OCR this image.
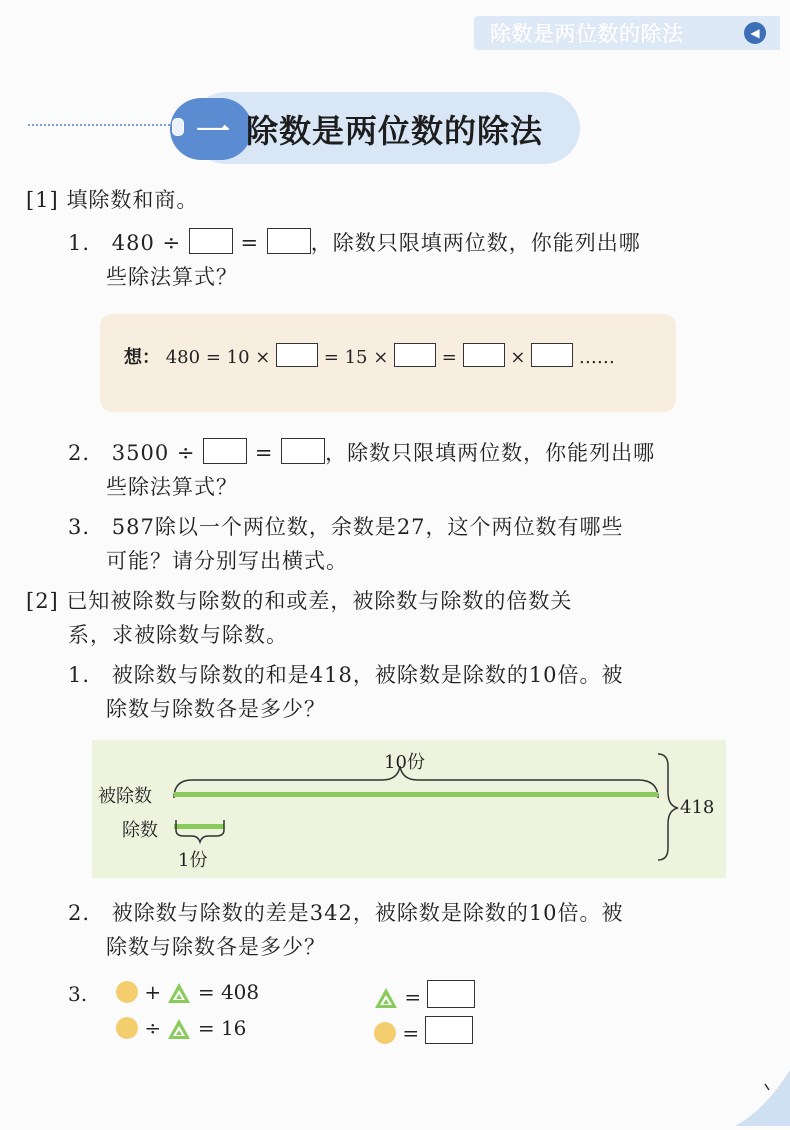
除数是两位数的除法	◀
一 除数是两位数的除法
[1] 填除数和商。
1. 480 ÷	= ，除数只限填两位数，你能列出哪
些除法算式？
想： 480 = 10 ×	= 15 ×	=	×	……
2. 3500 ÷	= ，除数只限填两位数，你能列出哪
些除法算式？
3. 587除以一个两位数，余数是27，这个两位数有哪些
可能？请分别写出横式。
[2] 已知被除数与除数的和或差，被除数与除数的倍数关
系，求被除数与除数。
1. 被除数与除数的和是418，被除数是除数的10倍。被
除数与除数各是多少？
被除数
除数
10份
1份
418
2. 被除数与除数的差是342，被除数是除数的10倍。被
除数与除数各是多少？
3.	+ = 408
÷ = 16
=
=
